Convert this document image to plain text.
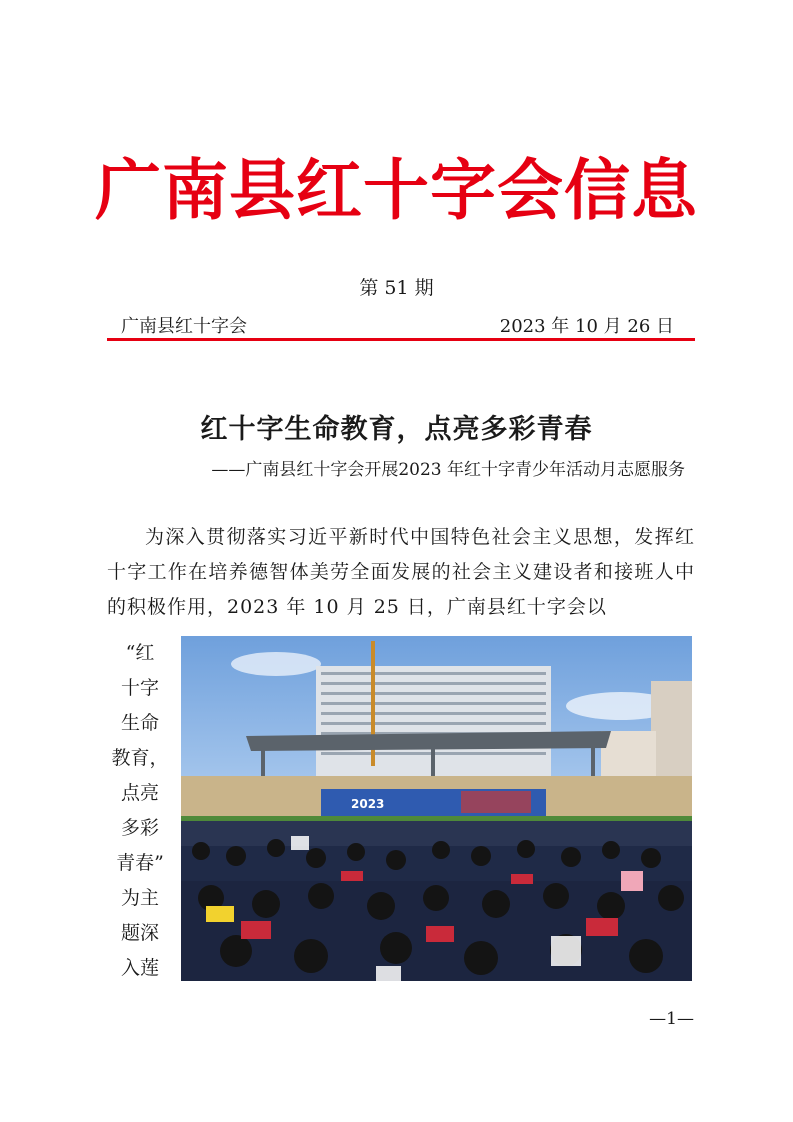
广南县红十字会信息
第 51 期
广南县红十字会	2023 年 10 月 26 日
红十字生命教育，点亮多彩青春
——广南县红十字会开展2023 年红十字青少年活动月志愿服务

为深入贯彻落实习近平新时代中国特色社会主义思想，发挥红十字工作在培养德智体美劳全面发展的社会主义建设者和接班人中的积极作用，2023 年 10 月 25 日，广南县红十字会以

“红
十字
生命
教育，
点亮
多彩
青春”
为主
题深
入莲
2023
—1—
